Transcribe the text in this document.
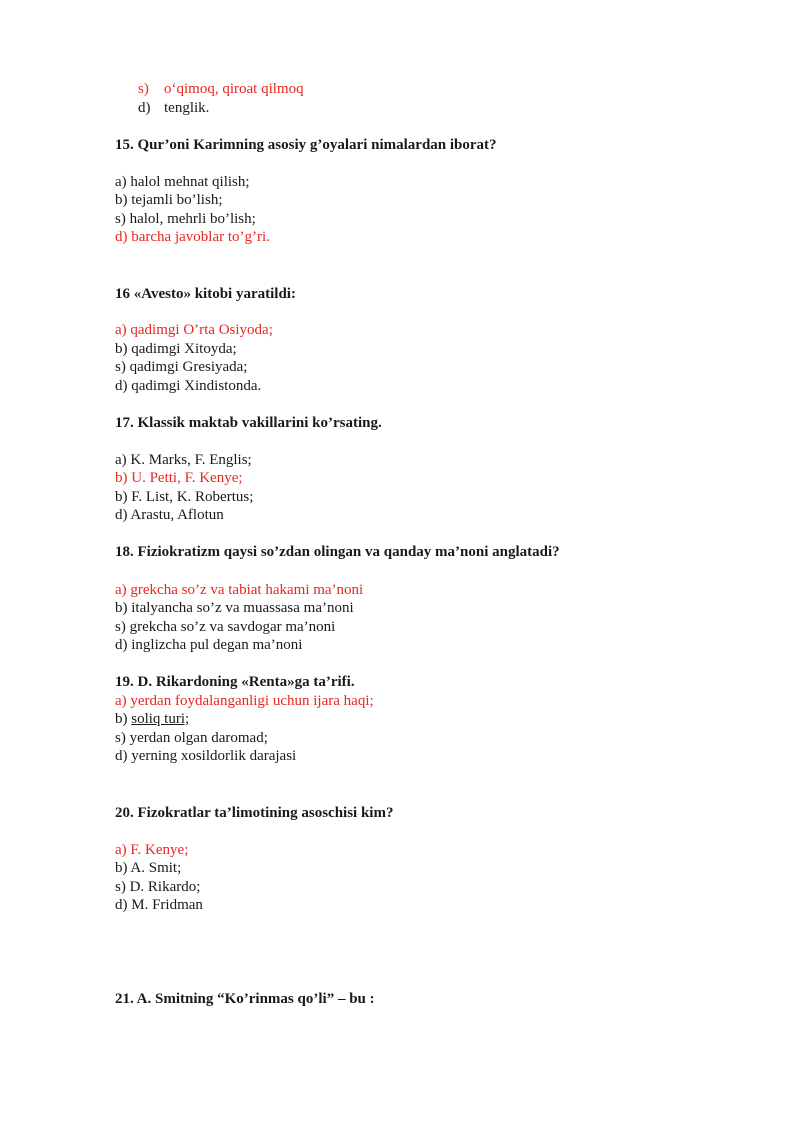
s) o‘qimoq, qiroat qilmoq
d) tenglik.
15. Qur’oni Karimning asosiy g’oyalari nimalardan iborat?
a) halol mehnat qilish;
b) tejamli bo’lish;
s) halol, mehrli bo’lish;
d) barcha javoblar to’g’ri.
16 «Avesto» kitobi yaratildi:
a) qadimgi O’rta Osiyoda;
b) qadimgi Xitoyda;
s) qadimgi Gresiyada;
d) qadimgi Xindistonda.
17. Klassik maktab vakillarini ko’rsating.
a) K. Marks, F. Englis;
b) U. Petti, F. Kenye;
b) F. List, K. Robertus;
d) Arastu, Aflotun
18. Fiziokratizm qaysi so’zdan olingan va qanday ma’noni anglatadi?
a) grekcha so’z va tabiat hakami ma’noni
b) italyancha so’z va muassasa ma’noni
s) grekcha so’z va savdogar ma’noni
d) inglizcha pul degan ma’noni
19. D. Rikardoning «Renta»ga ta’rifi.
a) yerdan foydalanganligi uchun ijara haqi;
b) soliq turi;
s) yerdan olgan daromad;
d) yerning xosildorlik darajasi
20. Fizokratlar ta’limotining asoschisi kim?
a) F. Kenye;
b) A. Smit;
s) D. Rikardo;
d) M. Fridman
21. A. Smitning “Ko’rinmas qo’li” – bu :
